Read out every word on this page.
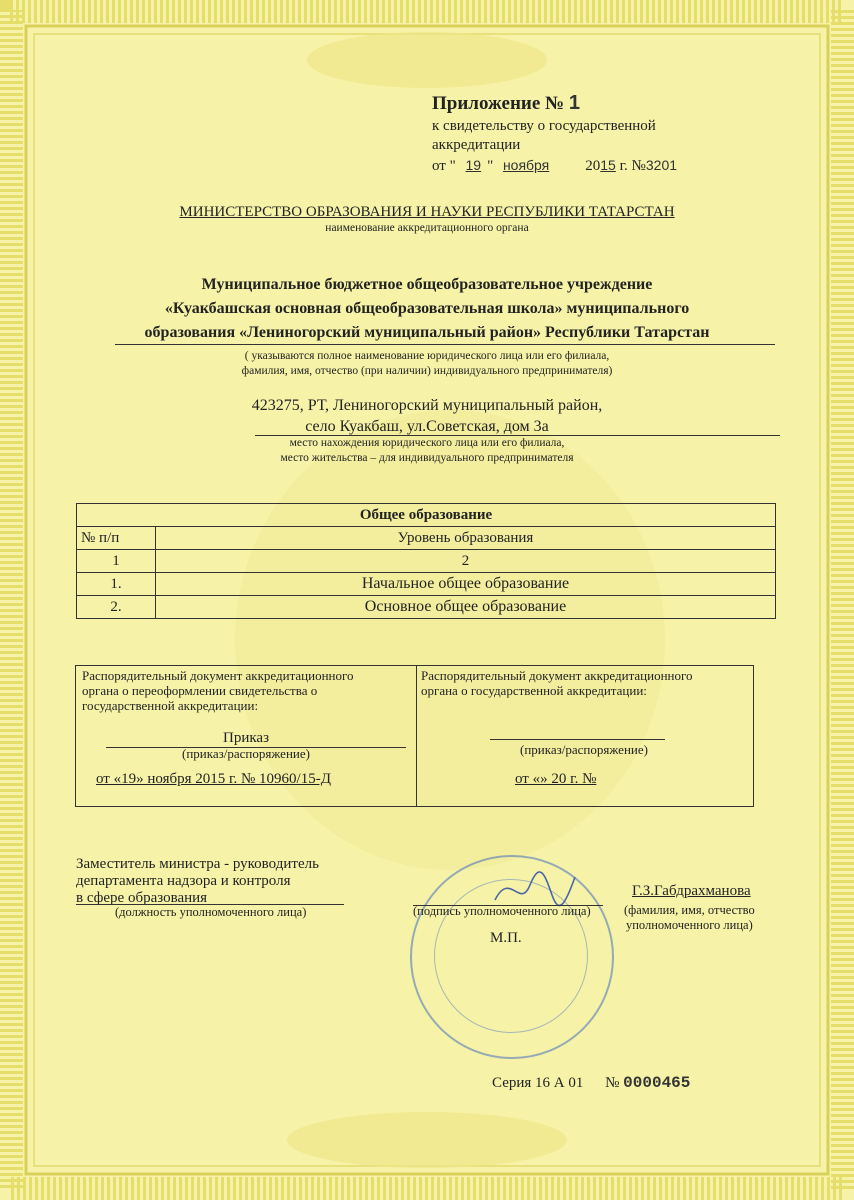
Приложение № 1
к свидетельству о государственной
аккредитации
от " 19 " ноября 2015 г. №3201
МИНИСТЕРСТВО ОБРАЗОВАНИЯ И НАУКИ РЕСПУБЛИКИ ТАТАРСТАН
наименование аккредитационного органа
Муниципальное бюджетное общеобразовательное учреждение
«Куакбашская основная общеобразовательная школа» муниципального
образования «Лениногорский муниципальный район» Республики Татарстан
( указываются полное наименование юридического лица или его филиала,
фамилия, имя, отчество (при наличии) индивидуального предпринимателя)
423275, РТ, Лениногорский муниципальный район,
село Куакбаш, ул.Советская, дом 3а
место нахождения юридического лица или его филиала,
место жительства – для индивидуального предпринимателя
Общее образование	
№ п/п	Уровень образования
1	2
1.	Начальное общее образование
2.	Основное общее образование
Распорядительный документ аккредитационного
органа о переоформлении свидетельства о
государственной аккредитации:
Приказ
(приказ/распоряжение)
от «19» ноября 2015 г. № 10960/15-Д
Распорядительный документ аккредитационного
органа о государственной аккредитации:
(приказ/распоряжение)
от «» 20 г. №
Заместитель министра - руководитель
департамента надзора и контроля
в сфере образования
(должность уполномоченного лица)	(подпись уполномоченного лица)
М.П.
Г.З.Габдрахманова
(фамилия, имя, отчество
уполномоченного лица)
Серия 16 А 01 № 0000465
